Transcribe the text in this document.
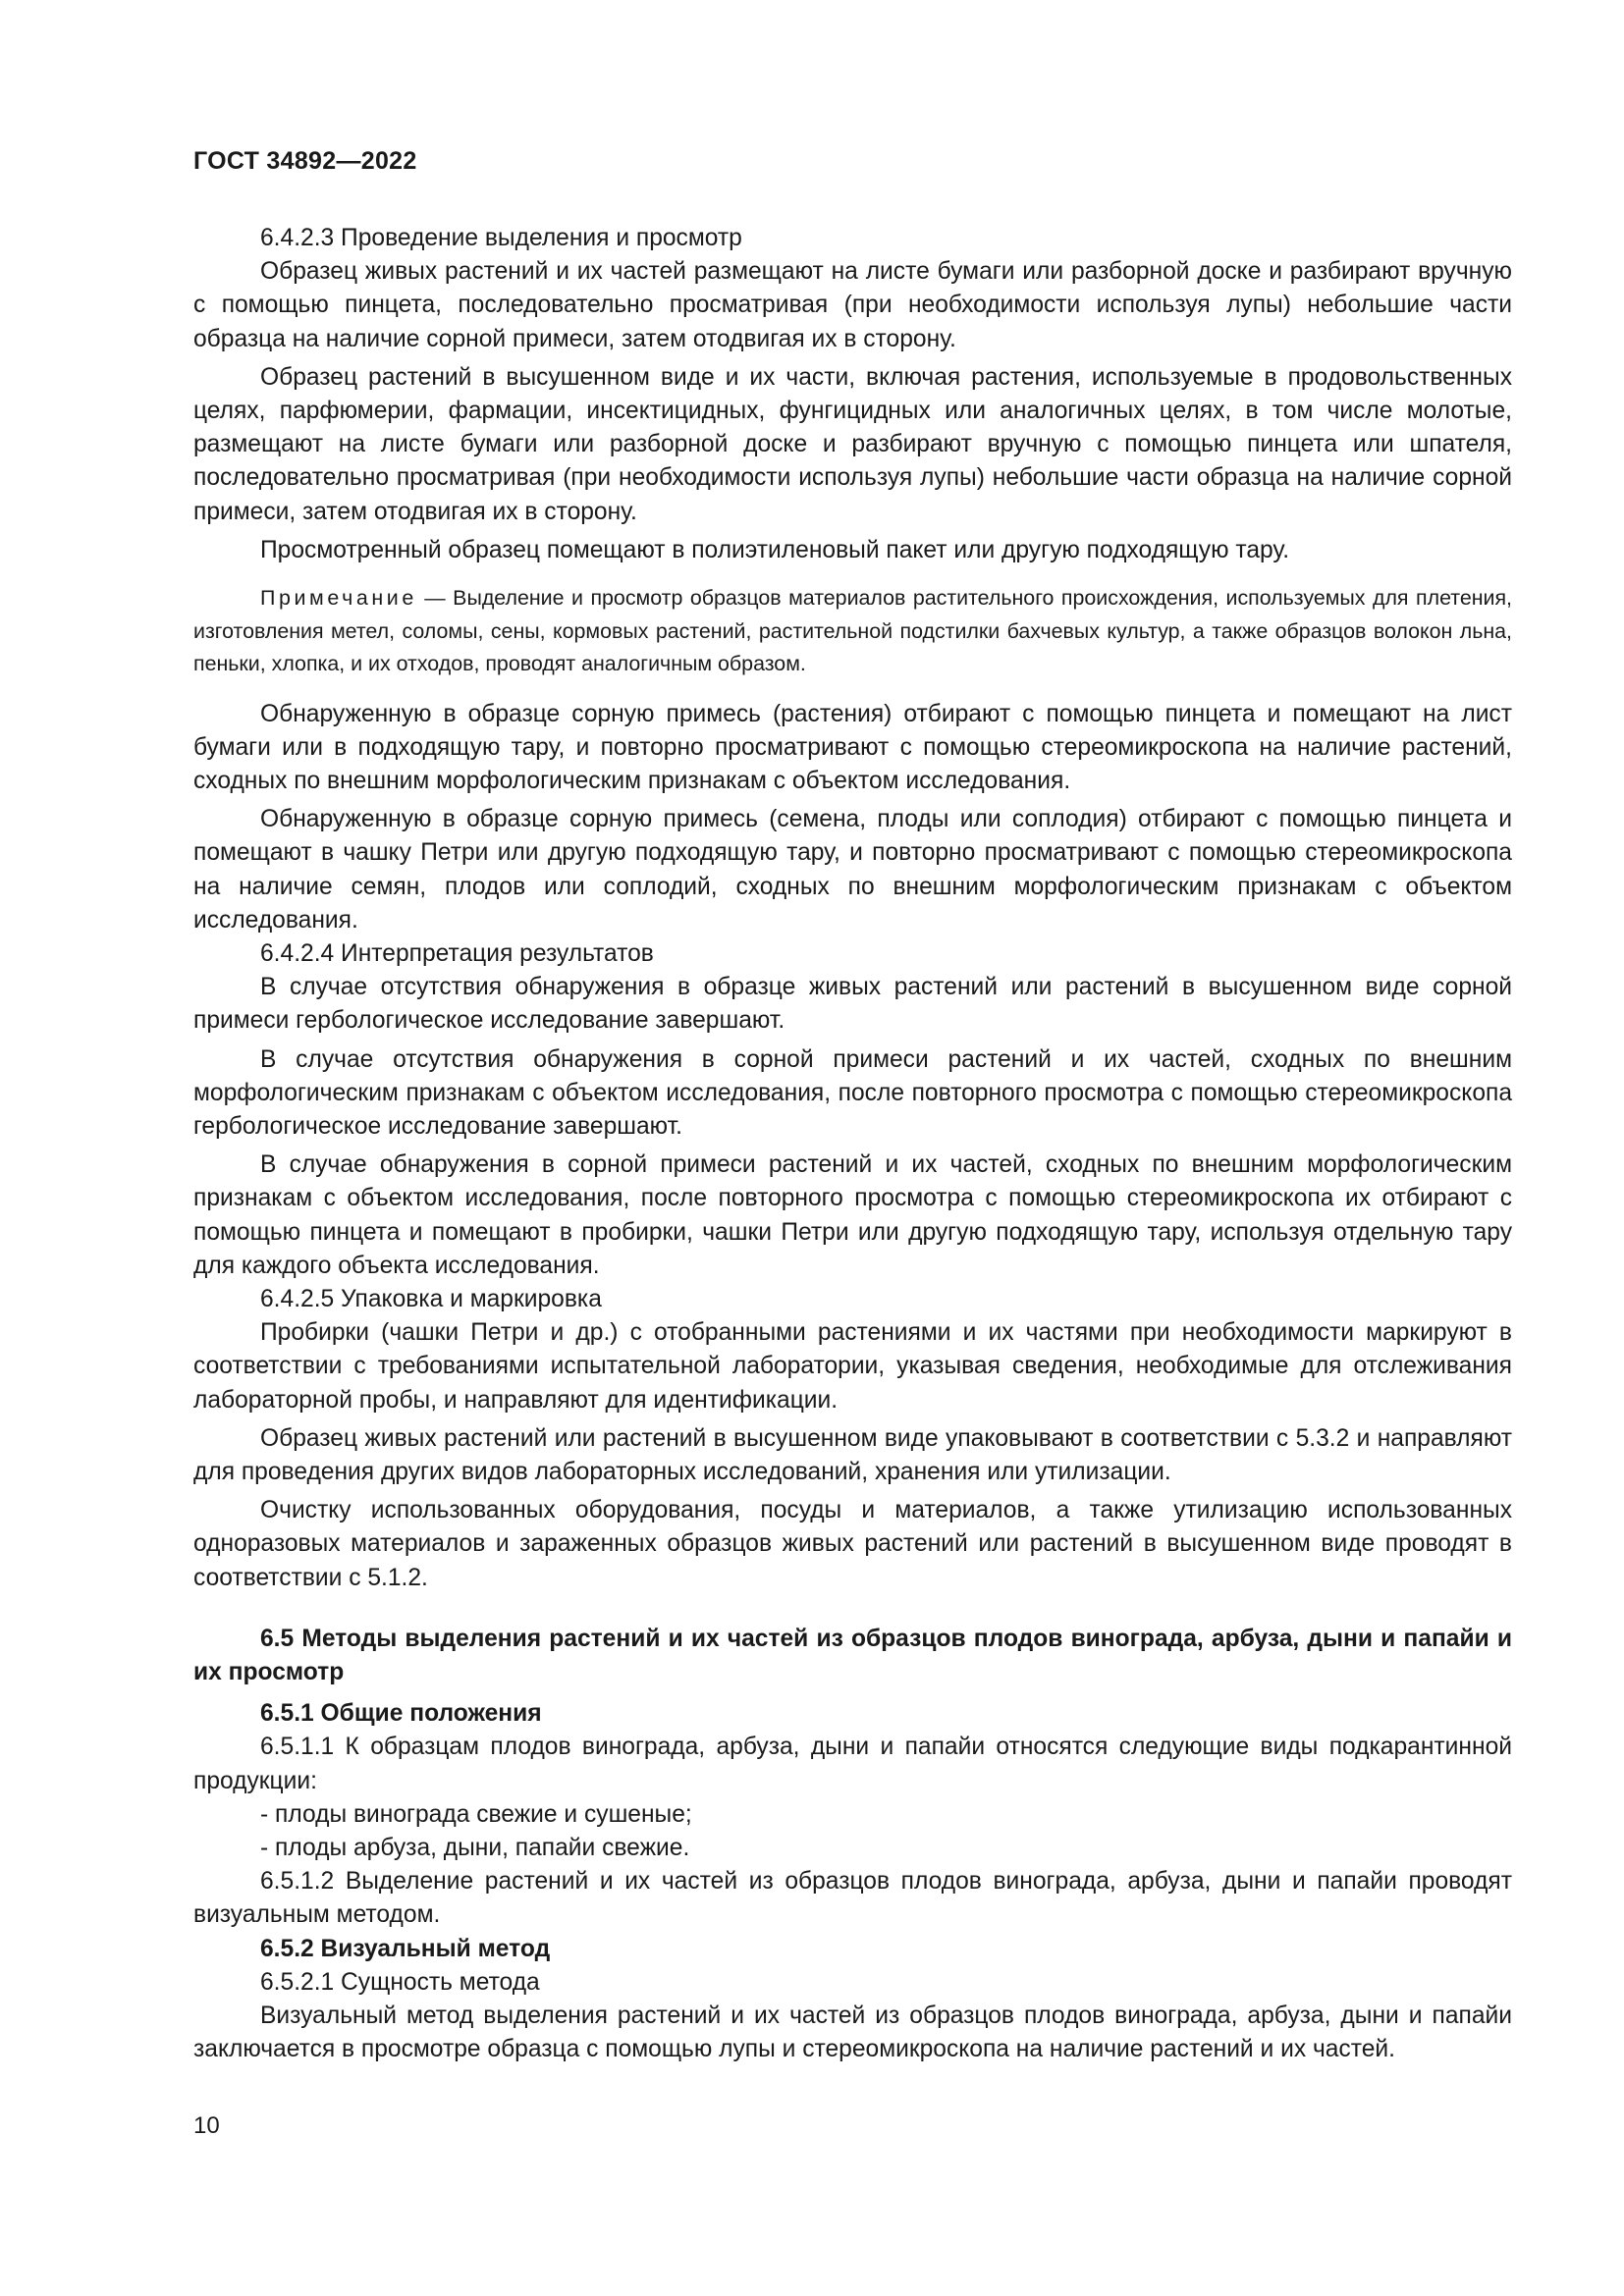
ГОСТ 34892—2022

6.4.2.3 Проведение выделения и просмотр

Образец живых растений и их частей размещают на листе бумаги или разборной доске и разбирают вручную с помощью пинцета, последовательно просматривая (при необходимости используя лупы) небольшие части образца на наличие сорной примеси, затем отодвигая их в сторону.

Образец растений в высушенном виде и их части, включая растения, используемые в продовольственных целях, парфюмерии, фармации, инсектицидных, фунгицидных или аналогичных целях, в том числе молотые, размещают на листе бумаги или разборной доске и разбирают вручную с помощью пинцета или шпателя, последовательно просматривая (при необходимости используя лупы) небольшие части образца на наличие сорной примеси, затем отодвигая их в сторону.

Просмотренный образец помещают в полиэтиленовый пакет или другую подходящую тару.

Примечание — Выделение и просмотр образцов материалов растительного происхождения, используемых для плетения, изготовления метел, соломы, сены, кормовых растений, растительной подстилки бахчевых культур, а также образцов волокон льна, пеньки, хлопка, и их отходов, проводят аналогичным образом.

Обнаруженную в образце сорную примесь (растения) отбирают с помощью пинцета и помещают на лист бумаги или в подходящую тару, и повторно просматривают с помощью стереомикроскопа на наличие растений, сходных по внешним морфологическим признакам с объектом исследования.

Обнаруженную в образце сорную примесь (семена, плоды или соплодия) отбирают с помощью пинцета и помещают в чашку Петри или другую подходящую тару, и повторно просматривают с помощью стереомикроскопа на наличие семян, плодов или соплодий, сходных по внешним морфологическим признакам с объектом исследования.

6.4.2.4 Интерпретация результатов

В случае отсутствия обнаружения в образце живых растений или растений в высушенном виде сорной примеси гербологическое исследование завершают.

В случае отсутствия обнаружения в сорной примеси растений и их частей, сходных по внешним морфологическим признакам с объектом исследования, после повторного просмотра с помощью стереомикроскопа гербологическое исследование завершают.

В случае обнаружения в сорной примеси растений и их частей, сходных по внешним морфологическим признакам с объектом исследования, после повторного просмотра с помощью стереомикроскопа их отбирают с помощью пинцета и помещают в пробирки, чашки Петри или другую подходящую тару, используя отдельную тару для каждого объекта исследования.

6.4.2.5 Упаковка и маркировка

Пробирки (чашки Петри и др.) с отобранными растениями и их частями при необходимости маркируют в соответствии с требованиями испытательной лаборатории, указывая сведения, необходимые для отслеживания лабораторной пробы, и направляют для идентификации.

Образец живых растений или растений в высушенном виде упаковывают в соответствии с 5.3.2 и направляют для проведения других видов лабораторных исследований, хранения или утилизации.

Очистку использованных оборудования, посуды и материалов, а также утилизацию использованных одноразовых материалов и зараженных образцов живых растений или растений в высушенном виде проводят в соответствии с 5.1.2.

6.5 Методы выделения растений и их частей из образцов плодов винограда, арбуза, дыни и папайи и их просмотр

6.5.1 Общие положения

6.5.1.1 К образцам плодов винограда, арбуза, дыни и папайи относятся следующие виды подкарантинной продукции:

- плоды винограда свежие и сушеные;

- плоды арбуза, дыни, папайи свежие.

6.5.1.2 Выделение растений и их частей из образцов плодов винограда, арбуза, дыни и папайи проводят визуальным методом.

6.5.2 Визуальный метод

6.5.2.1 Сущность метода

Визуальный метод выделения растений и их частей из образцов плодов винограда, арбуза, дыни и папайи заключается в просмотре образца с помощью лупы и стереомикроскопа на наличие растений и их частей.

10
